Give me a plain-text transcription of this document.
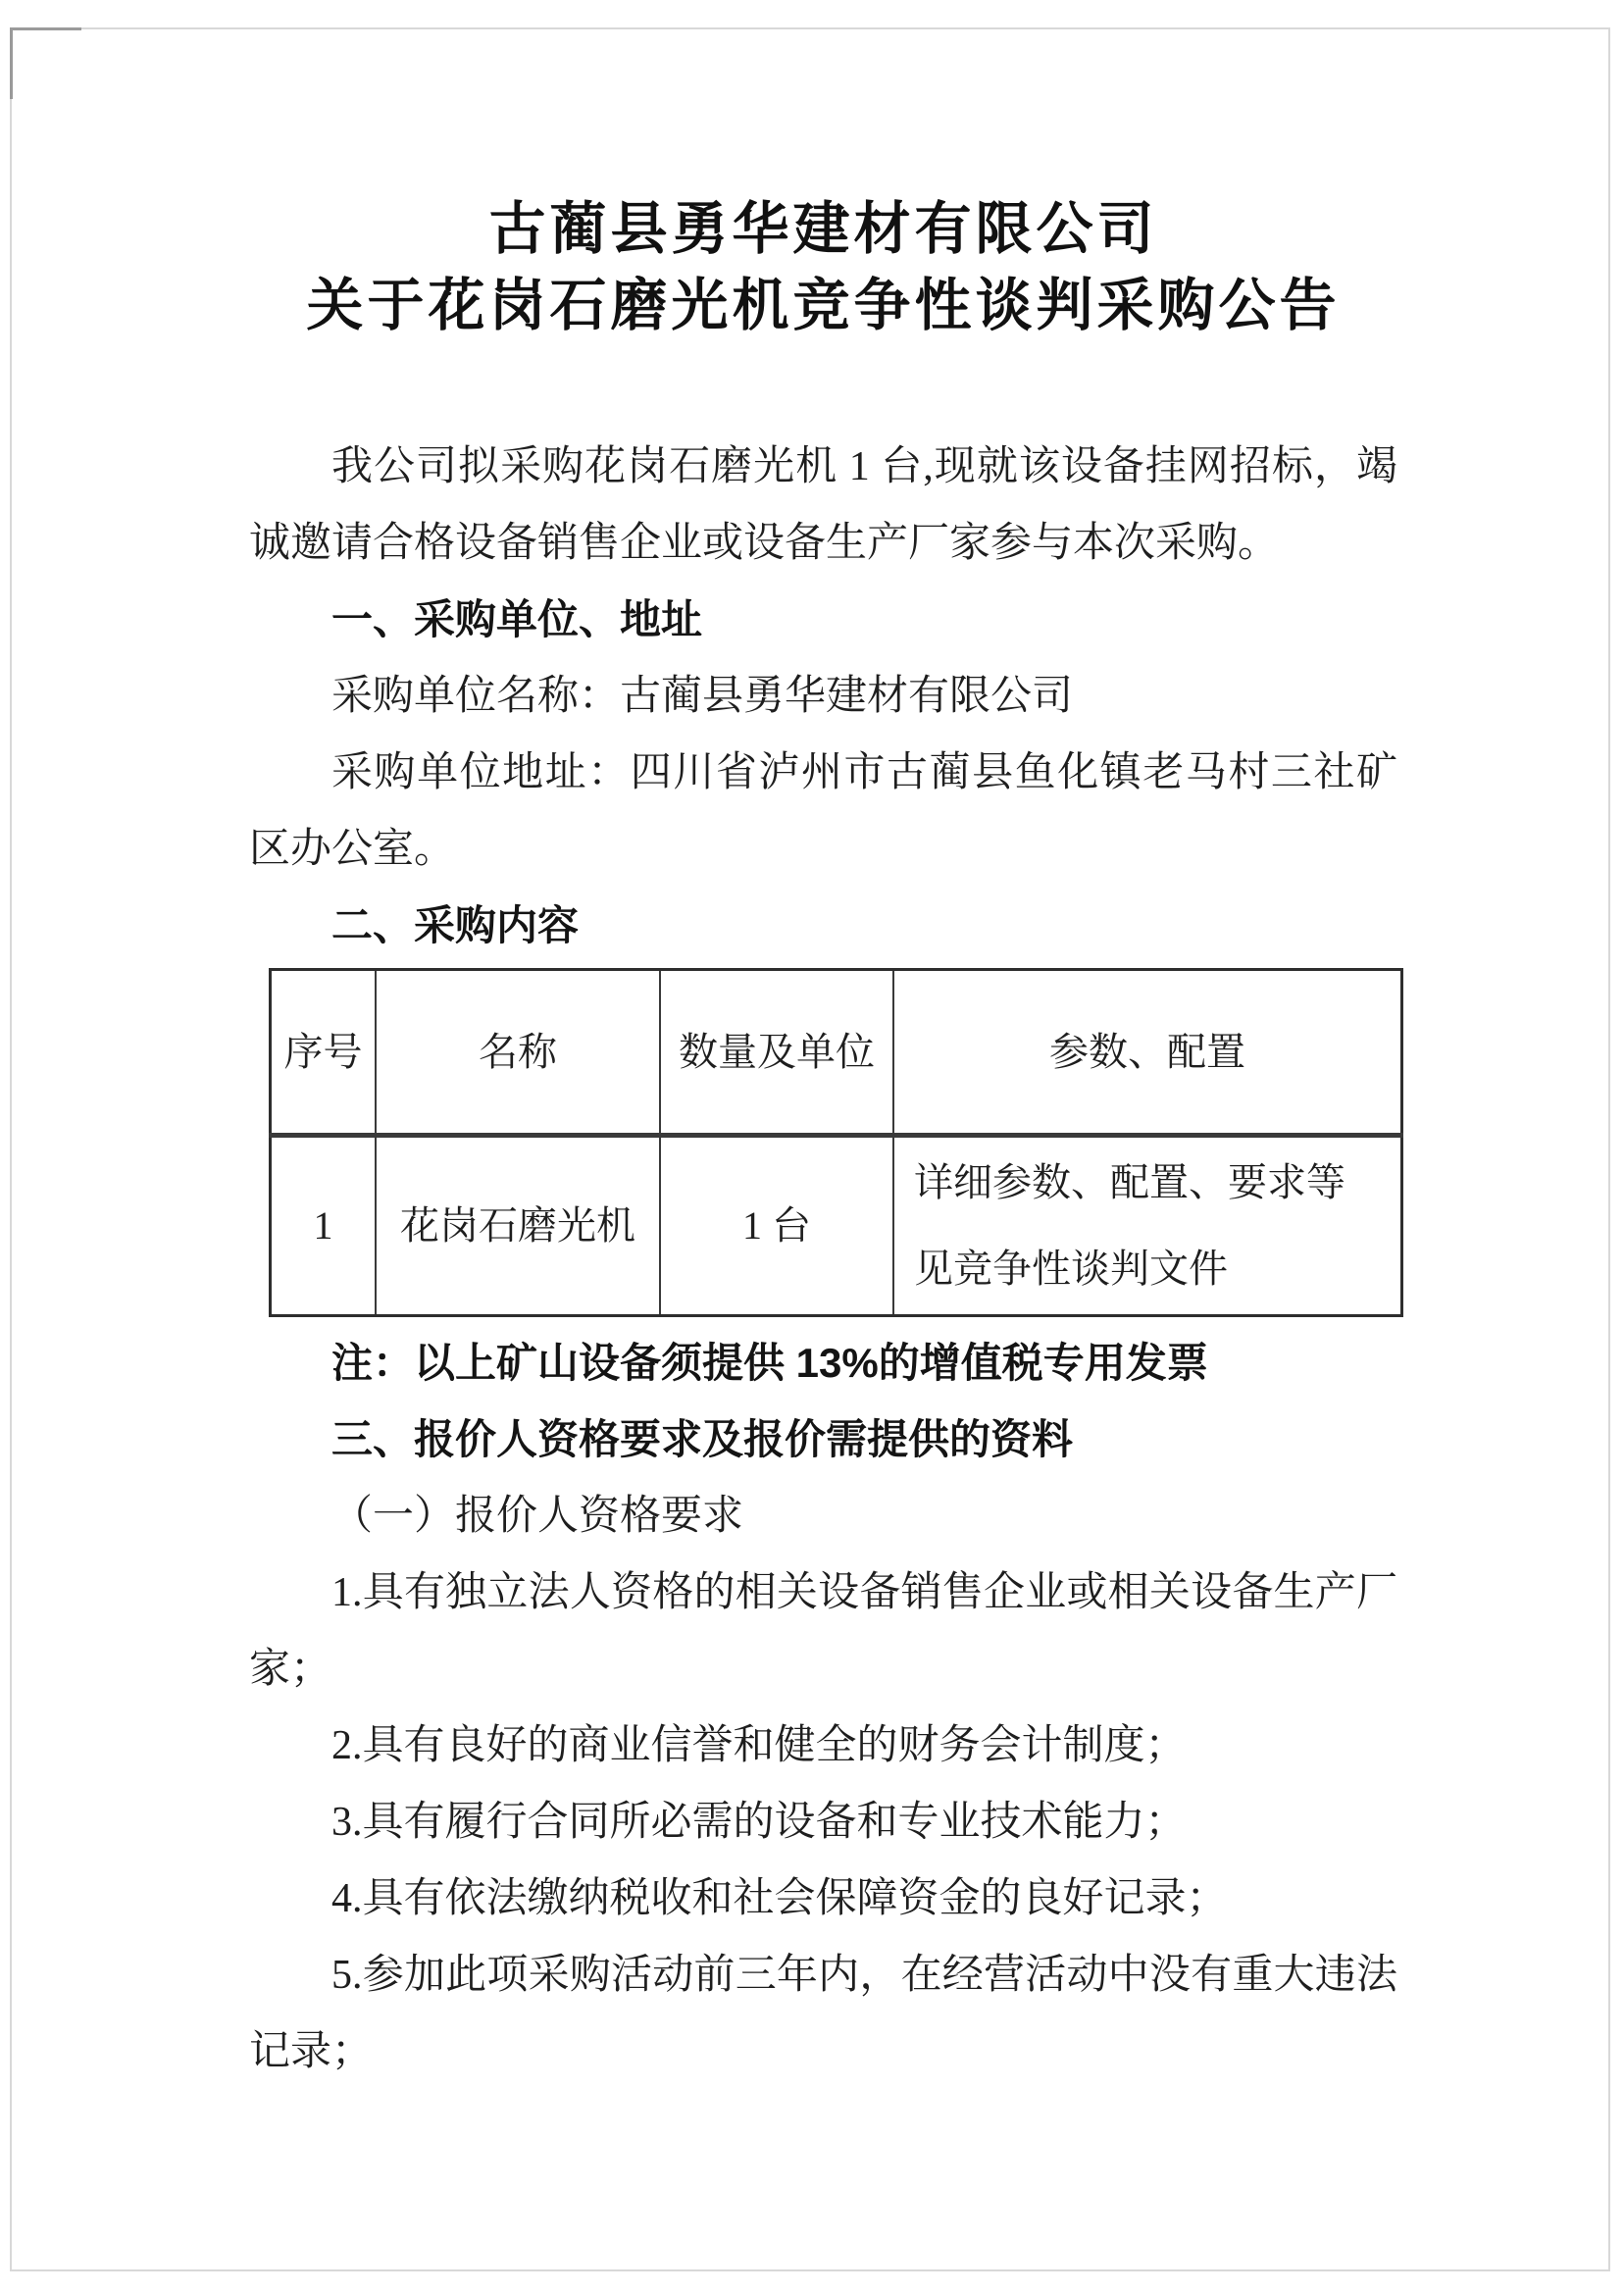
古蔺县勇华建材有限公司
关于花岗石磨光机竞争性谈判采购公告

我公司拟采购花岗石磨光机 1 台,现就该设备挂网招标，竭诚邀请合格设备销售企业或设备生产厂家参与本次采购。

一、采购单位、地址

采购单位名称：古蔺县勇华建材有限公司

采购单位地址：四川省泸州市古蔺县鱼化镇老马村三社矿区办公室。

二、采购内容

序号	名称	数量及单位	参数、配置
1	花岗石磨光机	1 台	详细参数、配置、要求等见竞争性谈判文件

注：以上矿山设备须提供 13%的增值税专用发票

三、报价人资格要求及报价需提供的资料

（一）报价人资格要求

1.具有独立法人资格的相关设备销售企业或相关设备生产厂家；

2.具有良好的商业信誉和健全的财务会计制度；

3.具有履行合同所必需的设备和专业技术能力；

4.具有依法缴纳税收和社会保障资金的良好记录；

5.参加此项采购活动前三年内，在经营活动中没有重大违法记录；
